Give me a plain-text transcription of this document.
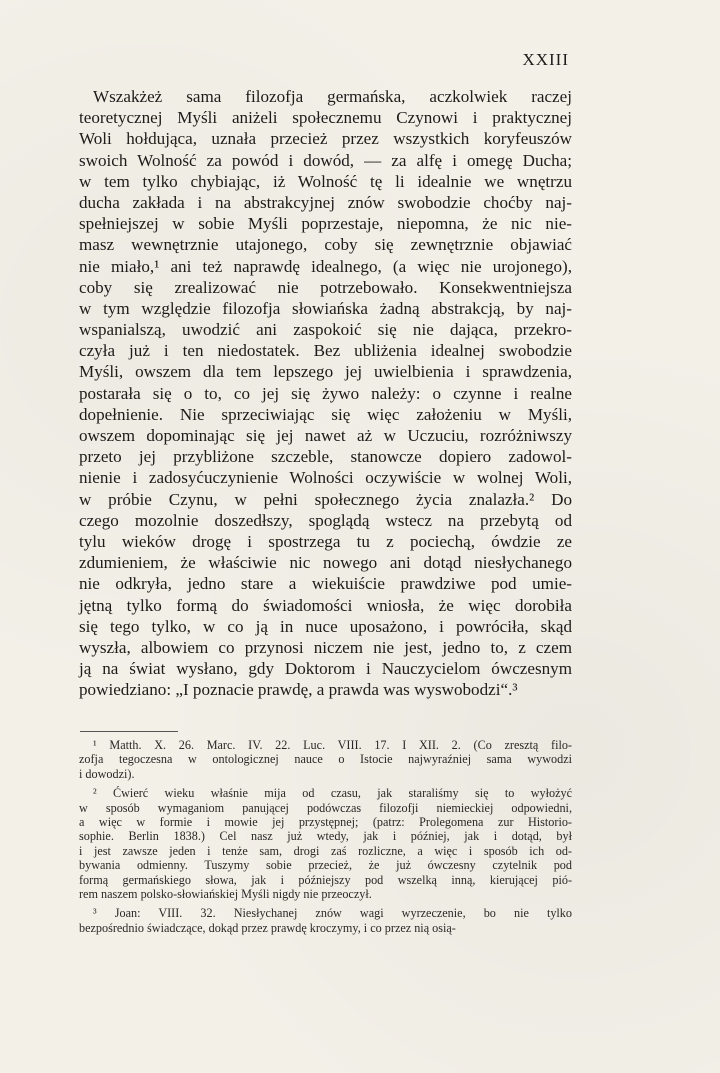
XXIII
Wszakżeż sama filozofja germańska, aczkolwiek raczej
teoretycznej Myśli aniżeli społecznemu Czynowi i praktycznej
Woli hołdująca, uznała przecież przez wszystkich koryfeuszów
swoich Wolność za powód i dowód, — za alfę i omegę Ducha;
w tem tylko chybiając, iż Wolność tę li idealnie we wnętrzu
ducha zakłada i na abstrakcyjnej znów swobodzie choćby naj-
spełniejszej w sobie Myśli poprzestaje, niepomna, że nic nie-
masz wewnętrznie utajonego, coby się zewnętrznie objawiać
nie miało,¹ ani też naprawdę idealnego, (a więc nie urojonego),
coby się zrealizować nie potrzebowało. Konsekwentniejsza
w tym względzie filozofja słowiańska żadną abstrakcją, by naj-
wspanialszą, uwodzić ani zaspokoić się nie dająca, przekro-
czyła już i ten niedostatek. Bez ubliżenia idealnej swobodzie
Myśli, owszem dla tem lepszego jej uwielbienia i sprawdzenia,
postarała się o to, co jej się żywo należy: o czynne i realne
dopełnienie. Nie sprzeciwiając się więc założeniu w Myśli,
owszem dopominając się jej nawet aż w Uczuciu, rozróżniwszy
przeto jej przybliżone szczeble, stanowcze dopiero zadowol-
nienie i zadosyćuczynienie Wolności oczywiście w wolnej Woli,
w próbie Czynu, w pełni społecznego życia znalazła.² Do
czego mozolnie doszedłszy, spoglądą wstecz na przebytą od
tylu wieków drogę i spostrzega tu z pociechą, ówdzie ze
zdumieniem, że właściwie nic nowego ani dotąd niesłychanego
nie odkryła, jedno stare a wiekuiście prawdziwe pod umie-
jętną tylko formą do świadomości wniosła, że więc dorobiła
się tego tylko, w co ją in nuce uposażono, i powróciła, skąd
wyszła, albowiem co przynosi niczem nie jest, jedno to, z czem
ją na świat wysłano, gdy Doktorom i Nauczycielom ówczesnym
powiedziano: „I poznacie prawdę, a prawda was wyswobodzi“.³
¹ Matth. X. 26. Marc. IV. 22. Luc. VIII. 17. I XII. 2. (Co zresztą filo-
zofja tegoczesna w ontologicznej nauce o Istocie najwyraźniej sama wywodzi
i dowodzi).
² Ćwierć wieku właśnie mija od czasu, jak staraliśmy się to wyłożyć
w sposób wymaganiom panującej podówczas filozofji niemieckiej odpowiedni,
a więc w formie i mowie jej przystępnej; (patrz: Prolegomena zur Historio-
sophie. Berlin 1838.) Cel nasz już wtedy, jak i później, jak i dotąd, był
i jest zawsze jeden i tenże sam, drogi zaś rozliczne, a więc i sposób ich od-
bywania odmienny. Tuszymy sobie przecież, że już ówczesny czytelnik pod
formą germańskiego słowa, jak i późniejszy pod wszelką inną, kierującej pió-
rem naszem polsko-słowiańskiej Myśli nigdy nie przeoczył.
³ Joan: VIII. 32. Niesłychanej znów wagi wyrzeczenie, bo nie tylko
bezpośrednio świadczące, dokąd przez prawdę kroczymy, i co przez nią osią-
